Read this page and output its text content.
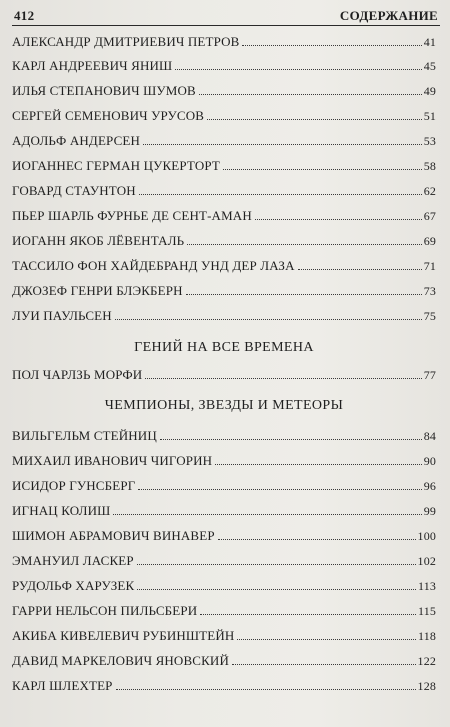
412	СОДЕРЖАНИЕ
АЛЕКСАНДР ДМИТРИЕВИЧ ПЕТРОВ	41
КАРЛ АНДРЕЕВИЧ ЯНИШ	45
ИЛЬЯ СТЕПАНОВИЧ ШУМОВ	49
СЕРГЕЙ СЕМЕНОВИЧ УРУСОВ	51
АДОЛЬФ АНДЕРСЕН	53
ИОГАННЕС ГЕРМАН ЦУКЕРТОРТ	58
ГОВАРД СТАУНТОН	62
ПЬЕР ШАРЛЬ ФУРНЬЕ ДЕ СЕНТ-АМАН	67
ИОГАНН ЯКОБ ЛЁВЕНТАЛЬ	69
ТАССИЛО ФОН ХАЙДЕБРАНД УНД ДЕР ЛАЗА	71
ДЖОЗЕФ ГЕНРИ БЛЭКБЕРН	73
ЛУИ ПАУЛЬСЕН	75
ГЕНИЙ НА ВСЕ ВРЕМЕНА
ПОЛ ЧАРЛЗЬ МОРФИ	77
ЧЕМПИОНЫ, ЗВЕЗДЫ И МЕТЕОРЫ
ВИЛЬГЕЛЬМ СТЕЙНИЦ	84
МИХАИЛ ИВАНОВИЧ ЧИГОРИН	90
ИСИДОР ГУНСБЕРГ	96
ИГНАЦ КОЛИШ	99
ШИМОН АБРАМОВИЧ ВИНАВЕР	100
ЭМАНУИЛ ЛАСКЕР	102
РУДОЛЬФ ХАРУЗЕК	113
ГАРРИ НЕЛЬСОН ПИЛЬСБЕРИ	115
АКИБА КИВЕЛЕВИЧ РУБИНШТЕЙН	118
ДАВИД МАРКЕЛОВИЧ ЯНОВСКИЙ	122
КАРЛ ШЛЕХТЕР	128
